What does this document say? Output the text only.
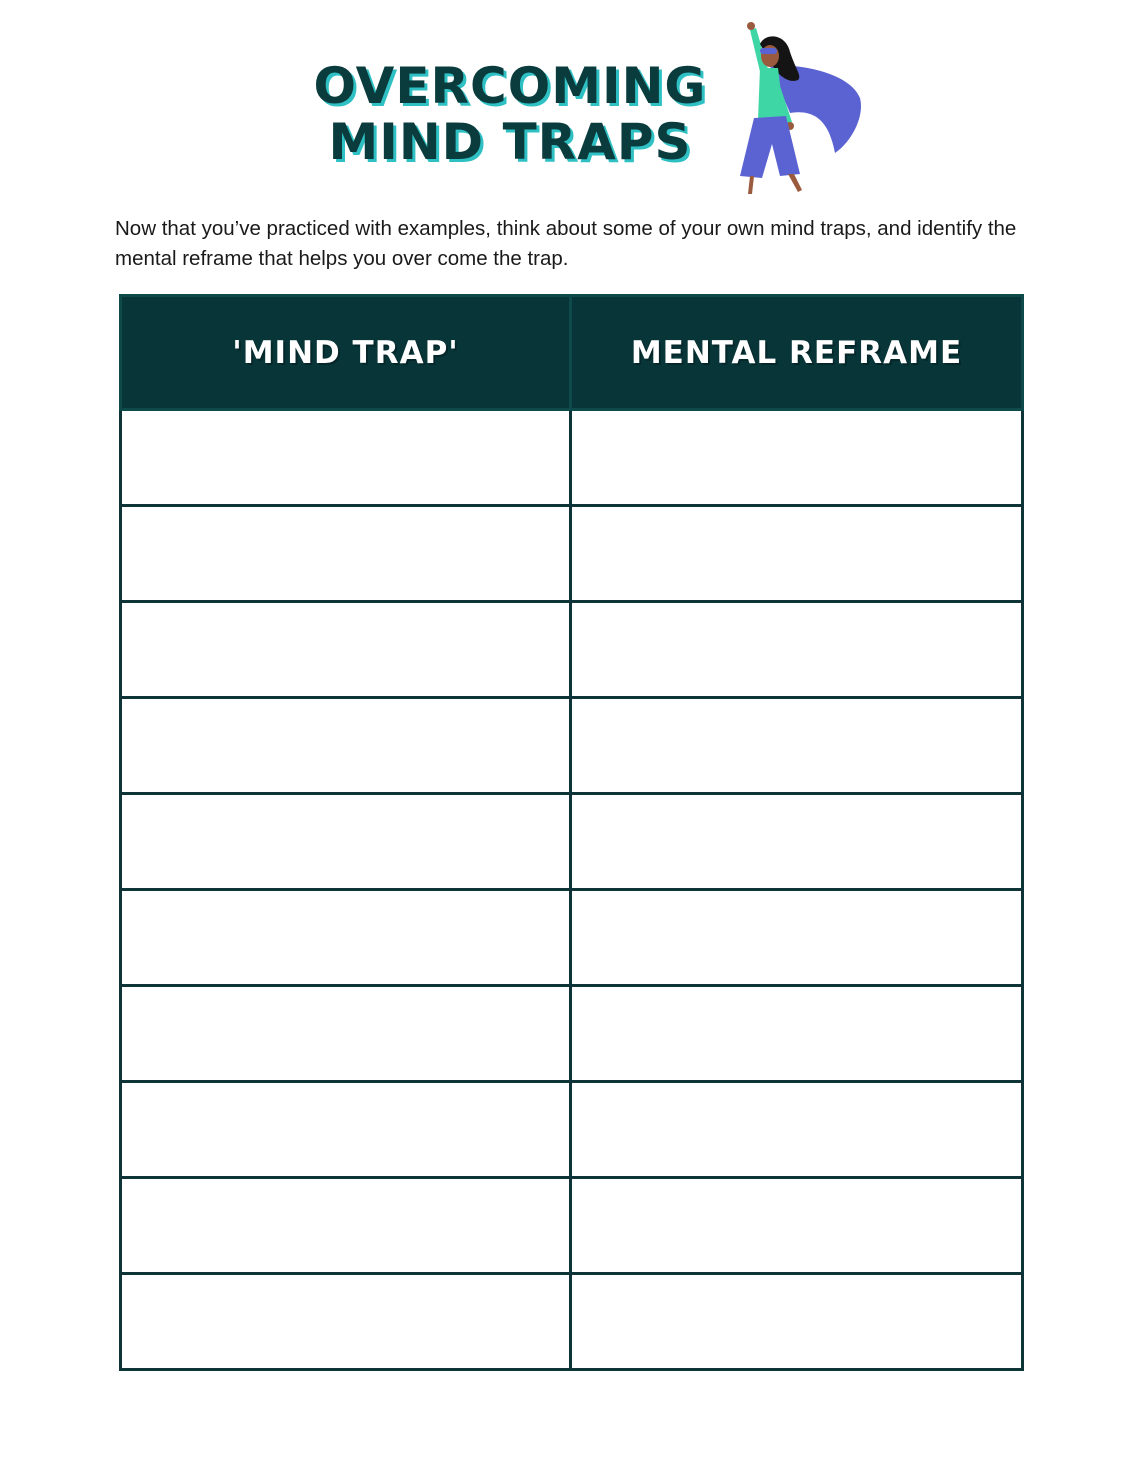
OVERCOMING

MIND TRAPS

Now that you’ve practiced with examples, think about some of your own mind traps, and identify the mental reframe that helps you over come the trap.

'MIND TRAP'	MENTAL REFRAME
